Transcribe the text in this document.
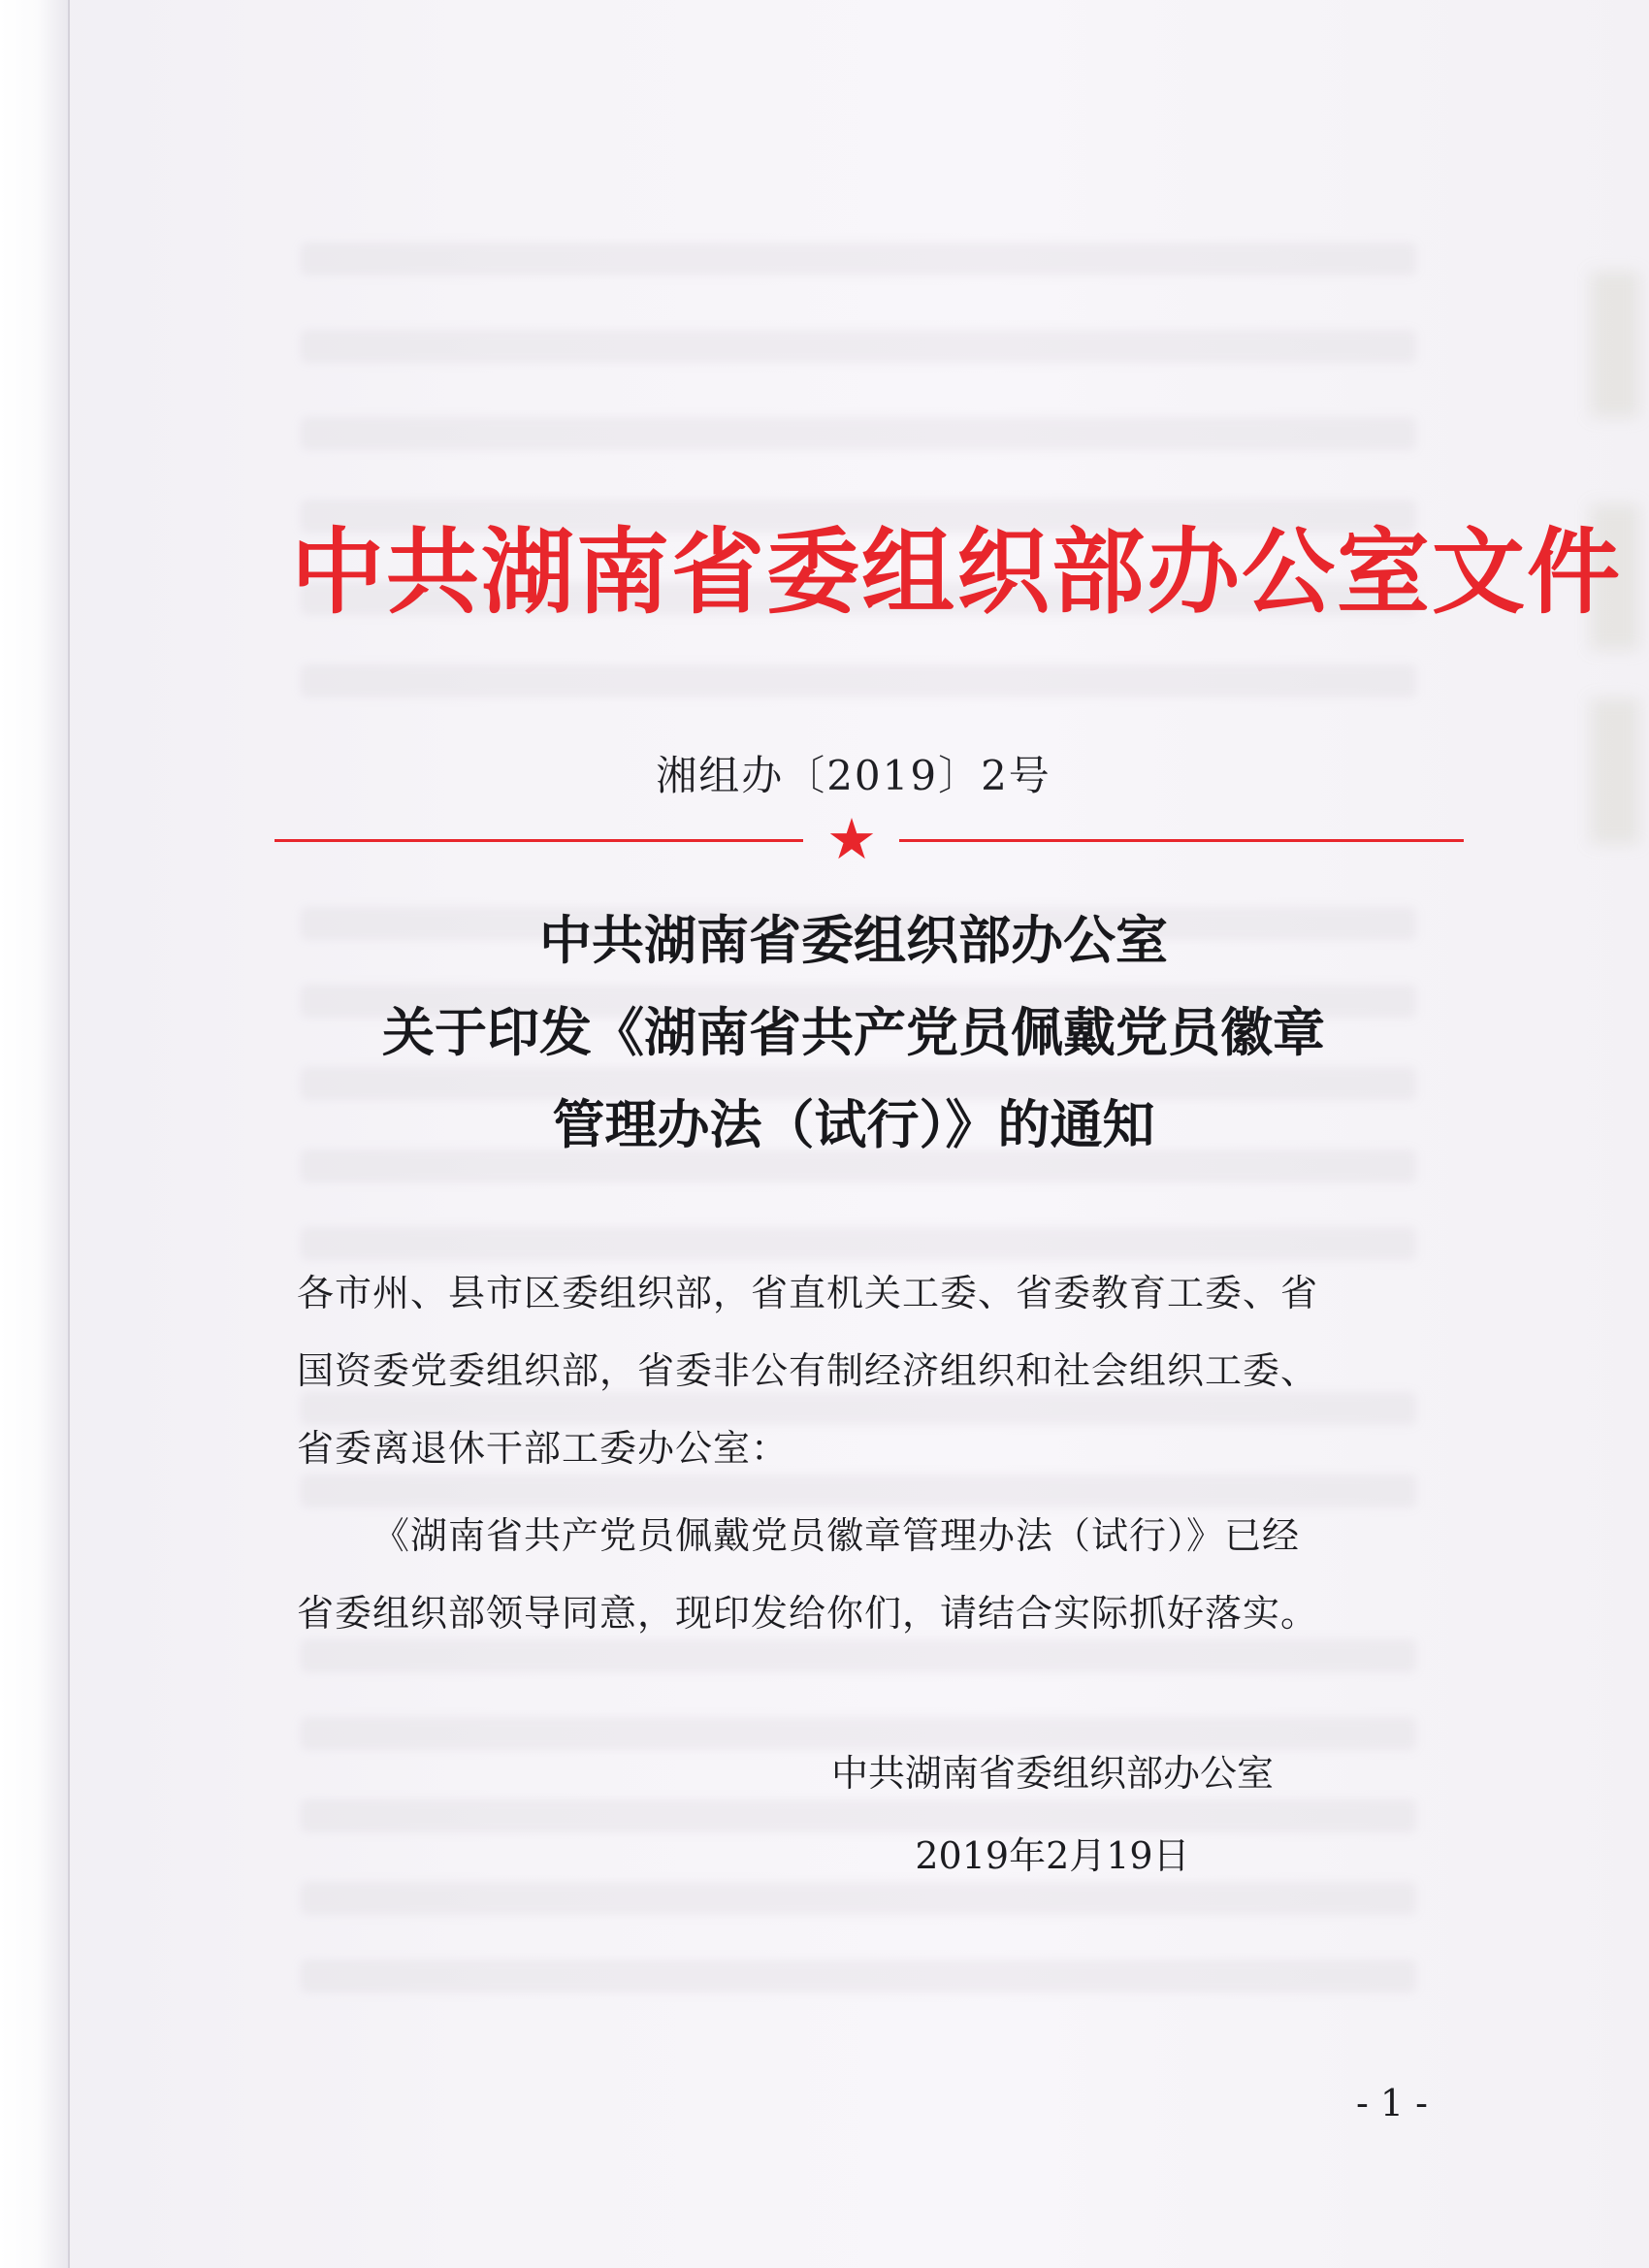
中共湖南省委组织部办公室文件
湘组办〔2019〕2号
★
中共湖南省委组织部办公室
关于印发《湖南省共产党员佩戴党员徽章
管理办法（试行）》的通知
各市州、县市区委组织部，省直机关工委、省委教育工委、省
国资委党委组织部，省委非公有制经济组织和社会组织工委、
省委离退休干部工委办公室：
《湖南省共产党员佩戴党员徽章管理办法（试行）》已经
省委组织部领导同意，现印发给你们，请结合实际抓好落实。
中共湖南省委组织部办公室
2019年2月19日
- 1 -
